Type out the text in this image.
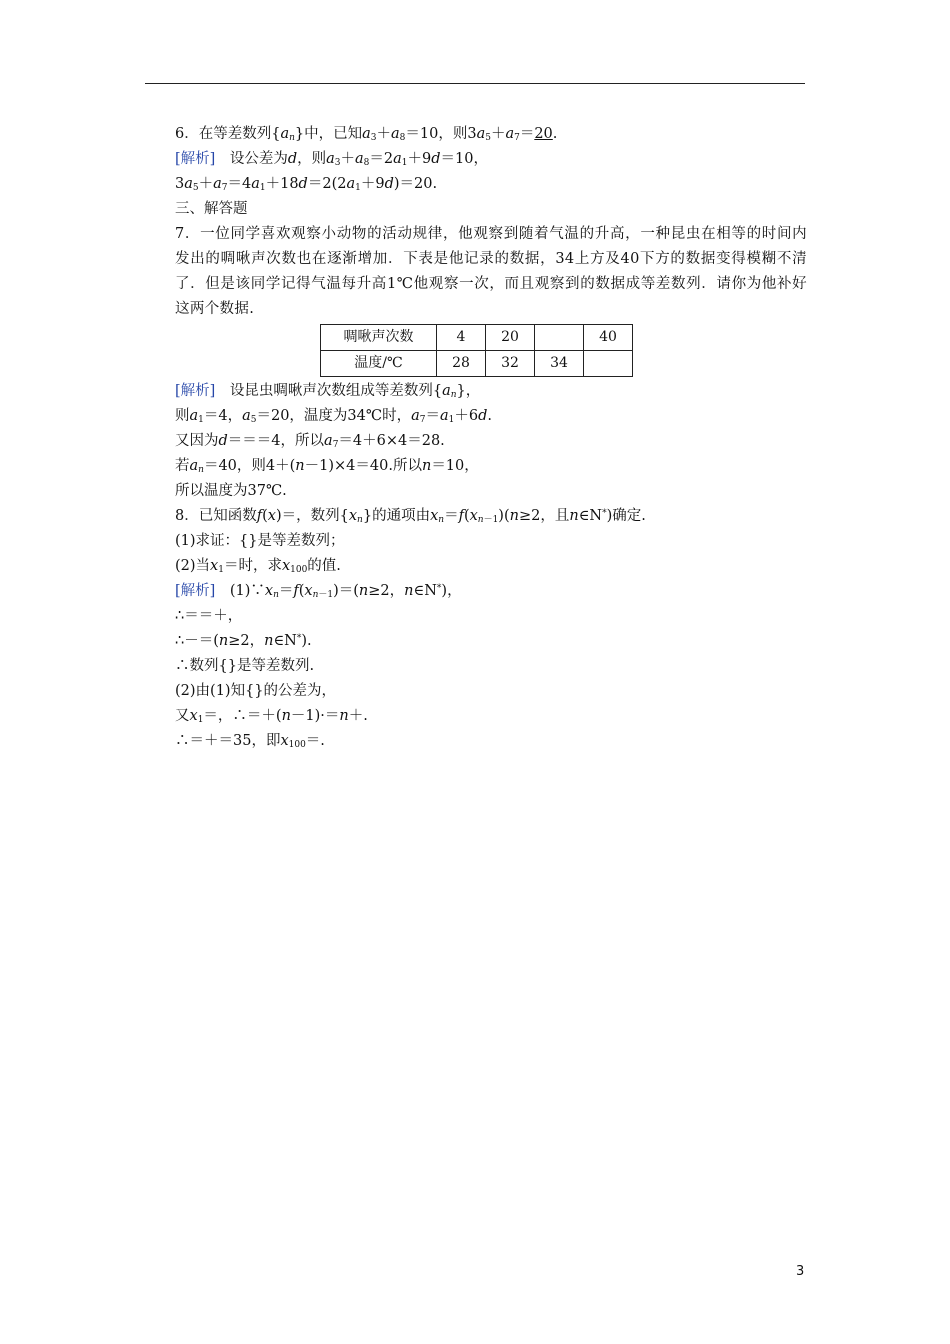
6．在等差数列$\{a_n\}$中，已知$a_3+a_8=10$，则$3a_5+a_7=20$.
[解析]　设公差为d，则$a_3+a_8=2a_1+9d=10$，
$3a_5+a_7=4a_1+18d=2(2a_1+9d)=20$.
三、解答题
7．一位同学喜欢观察小动物的活动规律，他观察到随着气温的升高，一种昆虫在相等的时间内发出的啁啾声次数也在逐渐增加．下表是他记录的数据，34上方及40下方的数据变得模糊不清了．但是该同学记得气温每升高1℃他观察一次，而且观察到的数据成等差数列．请你为他补好这两个数据.
啁啾声次数	4	20		40
温度/℃	28	32	34	
[解析]　设昆虫啁啾声次数组成等差数列$\{a_n\}$，
则$a_1=4$，$a_5=20$，温度为34℃时，$a_7=a_1+6d$.
又因为d＝＝＝4，所以$a_7=4+6\times 4=28$.
若$a_n=40$，则4＋(n－1)×4＝40.所以n＝10，
所以温度为37℃.
8．已知函数f(x)＝，数列$\{x_n\}$的通项由$x_n=f(x_{n-1})(n\ge 2$，且n∈N*)确定.
(1)求证：{}是等差数列；
(2)当$x_1=$时，求$x_{100}$的值.
[解析]　$(1)\because x_n=f(x_{n-1})=(n\ge 2$，n∈N*)，
∴＝＝＋，
∴－＝(n≥2，n∈N*).
∴数列{}是等差数列.
(2)由(1)知{}的公差为，
又$x_1=$，∴＝＋(n－1)·＝n＋.
∴＝＋＝35，即$x_{100}=$.
3
